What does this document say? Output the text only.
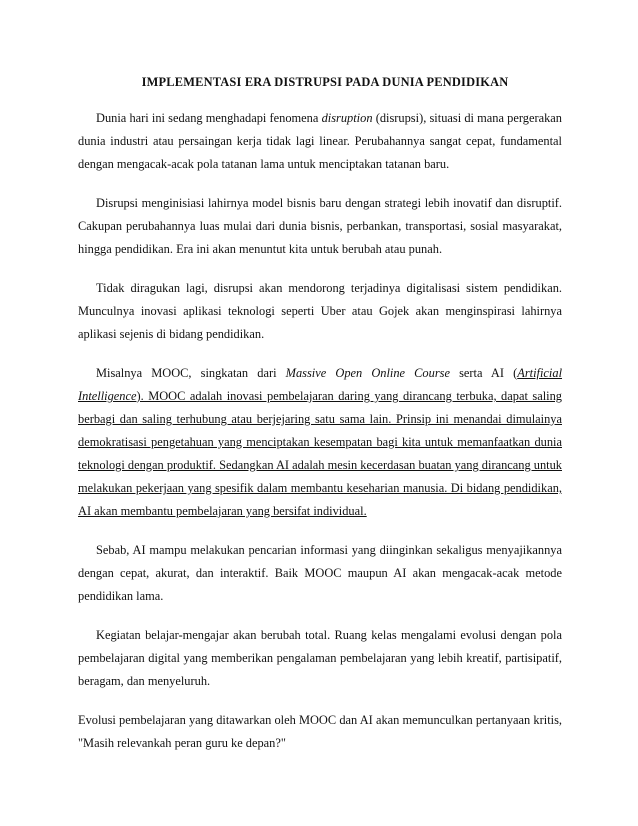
IMPLEMENTASI ERA DISTRUPSI PADA DUNIA PENDIDIKAN

Dunia hari ini sedang menghadapi fenomena disruption (disrupsi), situasi di mana pergerakan dunia industri atau persaingan kerja tidak lagi linear. Perubahannya sangat cepat, fundamental dengan mengacak-acak pola tatanan lama untuk menciptakan tatanan baru.

Disrupsi menginisiasi lahirnya model bisnis baru dengan strategi lebih inovatif dan disruptif. Cakupan perubahannya luas mulai dari dunia bisnis, perbankan, transportasi, sosial masyarakat, hingga pendidikan. Era ini akan menuntut kita untuk berubah atau punah.

Tidak diragukan lagi, disrupsi akan mendorong terjadinya digitalisasi sistem pendidikan. Munculnya inovasi aplikasi teknologi seperti Uber atau Gojek akan menginspirasi lahirnya aplikasi sejenis di bidang pendidikan.

Misalnya MOOC, singkatan dari Massive Open Online Course serta AI (Artificial Intelligence). MOOC adalah inovasi pembelajaran daring yang dirancang terbuka, dapat saling berbagi dan saling terhubung atau berjejaring satu sama lain. Prinsip ini menandai dimulainya demokratisasi pengetahuan yang menciptakan kesempatan bagi kita untuk memanfaatkan dunia teknologi dengan produktif. Sedangkan AI adalah mesin kecerdasan buatan yang dirancang untuk melakukan pekerjaan yang spesifik dalam membantu keseharian manusia. Di bidang pendidikan, AI akan membantu pembelajaran yang bersifat individual.

Sebab, AI mampu melakukan pencarian informasi yang diinginkan sekaligus menyajikannya dengan cepat, akurat, dan interaktif. Baik MOOC maupun AI akan mengacak-acak metode pendidikan lama.

Kegiatan belajar-mengajar akan berubah total. Ruang kelas mengalami evolusi dengan pola pembelajaran digital yang memberikan pengalaman pembelajaran yang lebih kreatif, partisipatif, beragam, dan menyeluruh.

Evolusi pembelajaran yang ditawarkan oleh MOOC dan AI akan memunculkan pertanyaan kritis, "Masih relevankah peran guru ke depan?"
